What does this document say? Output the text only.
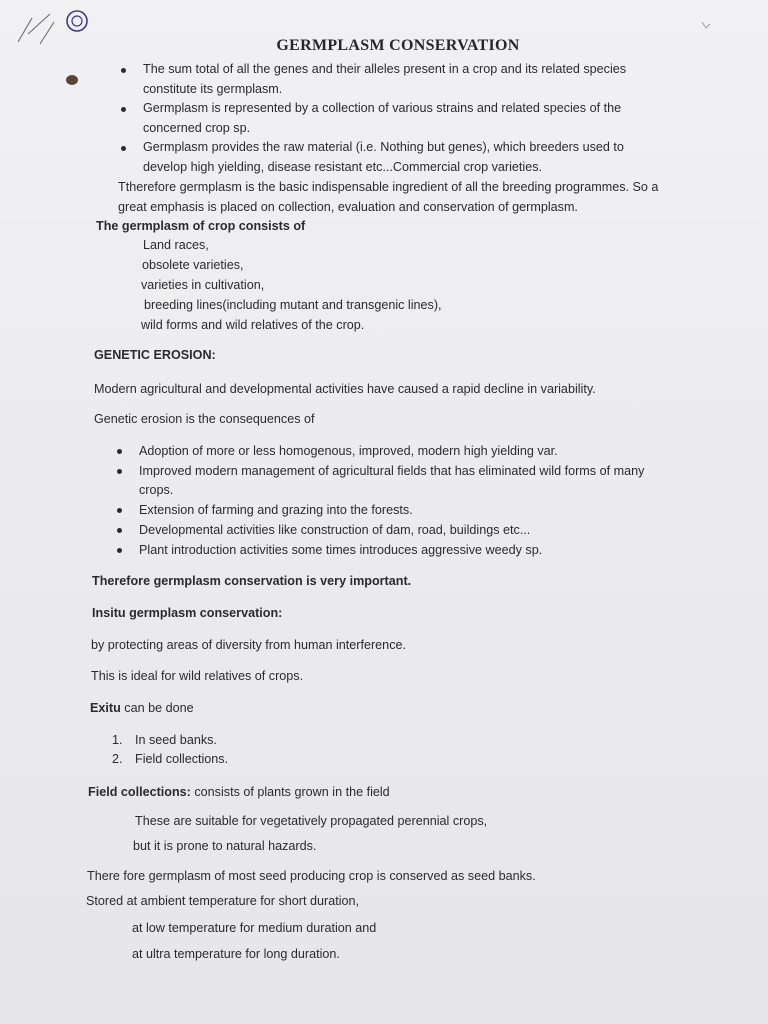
GERMPLASM CONSERVATION
The sum total of all the genes and their alleles present in a crop and its related species
constitute its germplasm.
Germplasm is represented by a collection of various strains and related species of the
concerned crop sp.
Germplasm provides the raw material (i.e. Nothing but genes), which breeders used to
develop high yielding, disease resistant etc...Commercial crop varieties.
Ttherefore germplasm is the basic indispensable ingredient of all the breeding programmes. So a
great emphasis is placed on collection, evaluation and conservation of germplasm.
The germplasm of crop consists of
Land races,
obsolete varieties,
varieties in cultivation,
breeding lines(including mutant and transgenic lines),
wild forms and wild relatives of the crop.
GENETIC EROSION:
Modern agricultural and developmental activities have caused a rapid decline in variability.
Genetic erosion is the consequences of
Adoption of more or less homogenous, improved, modern high yielding var.
Improved modern management of agricultural fields that has eliminated wild forms of many
crops.
Extension of farming and grazing into the forests.
Developmental activities like construction of dam, road, buildings etc...
Plant introduction activities some times introduces aggressive weedy sp.
Therefore germplasm conservation is very important.
Insitu germplasm conservation:
by protecting areas of diversity from human interference.
This is ideal for wild relatives of crops.
Exitu can be done
1. In seed banks.
2. Field collections.
Field collections: consists of plants grown in the field
These are suitable for vegetatively propagated perennial crops,
but it is prone to natural hazards.
There fore germplasm of most seed producing crop is conserved as seed banks.
Stored at ambient temperature for short duration,
at low temperature for medium duration and
at ultra temperature for long duration.
